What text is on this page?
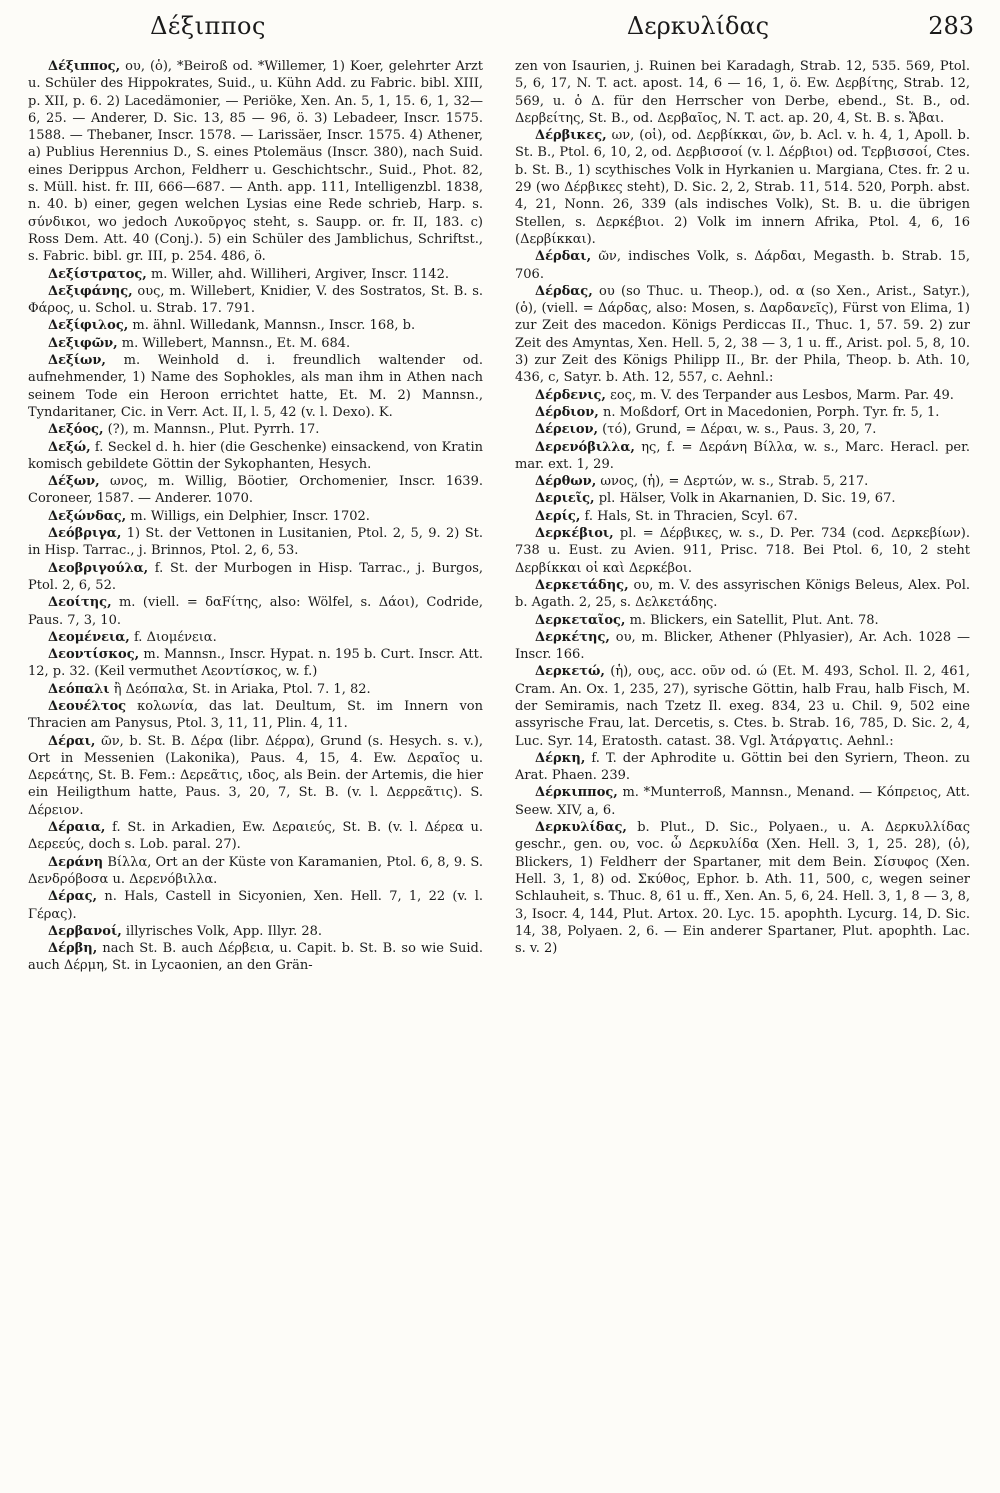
Δέξιππος	Δερκυλίδας	283

Δέξιππος, ου, (ὁ), *Beiroß od. *Willemer, 1) Koer, gelehrter Arzt u. Schüler des Hippokrates, Suid., u. Kühn Add. zu Fabric. bibl. XIII, p. XII, p. 6. 2) Lacedämonier, — Periöke, Xen. An. 5, 1, 15. 6, 1, 32— 6, 25. — Anderer, D. Sic. 13, 85 — 96, ö. 3) Lebadeer, Inscr. 1575. 1588. — Thebaner, Inscr. 1578. — Larissäer, Inscr. 1575. 4) Athener, a) Publius Herennius D., S. eines Ptolemäus (Inscr. 380), nach Suid. eines Derippus Archon, Feldherr u. Geschichtschr., Suid., Phot. 82, s. Müll. hist. fr. III, 666—687. — Anth. app. 111, Intelligenzbl. 1838, n. 40. b) einer, gegen welchen Lysias eine Rede schrieb, Harp. s. σύνδικοι, wo jedoch Λυκοῦργος steht, s. Saupp. or. fr. II, 183. c) Ross Dem. Att. 40 (Conj.). 5) ein Schüler des Jamblichus, Schriftst., s. Fabric. bibl. gr. III, p. 254. 486, ö.

Δεξίστρατος, m. Willer, ahd. Williheri, Argiver, Inscr. 1142.

Δεξιφάνης, ους, m. Willebert, Knidier, V. des Sostratos, St. B. s. Φάρος, u. Schol. u. Strab. 17. 791.

Δεξίφιλος, m. ähnl. Willedank, Mannsn., Inscr. 168, b.

Δεξιφῶν, m. Willebert, Mannsn., Et. M. 684.

Δεξίων, m. Weinhold d. i. freundlich waltender od. aufnehmender, 1) Name des Sophokles, als man ihm in Athen nach seinem Tode ein Heroon errichtet hatte, Et. M. 2) Mannsn., Tyndaritaner, Cic. in Verr. Act. II, l. 5, 42 (v. l. Dexo). K.

Δεξόος, (?), m. Mannsn., Plut. Pyrrh. 17.

Δεξώ, f. Seckel d. h. hier (die Geschenke) einsackend, von Kratin komisch gebildete Göttin der Sykophanten, Hesych.

Δέξων, ωνος, m. Willig, Böotier, Orchomenier, Inscr. 1639. Coroneer, 1587. — Anderer. 1070.

Δεξώνδας, m. Willigs, ein Delphier, Inscr. 1702.

Δεόβριγα, 1) St. der Vettonen in Lusitanien, Ptol. 2, 5, 9. 2) St. in Hisp. Tarrac., j. Brinnos, Ptol. 2, 6, 53.

Δεοβριγούλα, f. St. der Murbogen in Hisp. Tarrac., j. Burgos, Ptol. 2, 6, 52.

Δεοίτης, m. (viell. = δαFίτης, also: Wölfel, s. Δάοι), Codride, Paus. 7, 3, 10.

Δεομένεια, f. Διομένεια.

Δεοντίσκος, m. Mannsn., Inscr. Hypat. n. 195 b. Curt. Inscr. Att. 12, p. 32. (Keil vermuthet Λεοντίσκος, w. f.)

Δεόπαλι ἢ Δεόπαλα, St. in Ariaka, Ptol. 7. 1, 82.

Δεουέλτος κολωνία, das lat. Deultum, St. im Innern von Thracien am Panysus, Ptol. 3, 11, 11, Plin. 4, 11.

Δέραι, ῶν, b. St. B. Δέρα (libr. Δέρρα), Grund (s. Hesych. s. v.), Ort in Messenien (Lakonika), Paus. 4, 15, 4. Ew. Δεραῖος u. Δερεάτης, St. B. Fem.: Δερεᾶτις, ιδος, als Bein. der Artemis, die hier ein Heiligthum hatte, Paus. 3, 20, 7, St. B. (v. l. Δερρεᾶτις). S. Δέρειον.

Δέραια, f. St. in Arkadien, Ew. Δεραιεύς, St. B. (v. l. Δέρεα u. Δερεεύς, doch s. Lob. paral. 27).

Δεράνη Βίλλα, Ort an der Küste von Karamanien, Ptol. 6, 8, 9. S. Δενδρόβοσα u. Δερενόβιλλα.

Δέρας, n. Hals, Castell in Sicyonien, Xen. Hell. 7, 1, 22 (v. l. Γέρας).

Δερβανοί, illyrisches Volk, App. Illyr. 28.

Δέρβη, nach St. B. auch Δέρβεια, u. Capit. b. St. B. so wie Suid. auch Δέρμη, St. in Lycaonien, an den Grän-

zen von Isaurien, j. Ruinen bei Karadagh, Strab. 12, 535. 569, Ptol. 5, 6, 17, N. T. act. apost. 14, 6 — 16, 1, ö. Ew. Δερβίτης, Strab. 12, 569, u. ὁ Δ. für den Herrscher von Derbe, ebend., St. B., od. Δερβείτης, St. B., od. Δερβαῖος, N. T. act. ap. 20, 4, St. B. s. Ἄβαι.

Δέρβικες, ων, (οἱ), od. Δερβίκκαι, ῶν, b. Acl. v. h. 4, 1, Apoll. b. St. B., Ptol. 6, 10, 2, od. Δερβισσοί (v. l. Δέρβιοι) od. Τερβισσοί, Ctes. b. St. B., 1) scythisches Volk in Hyrkanien u. Margiana, Ctes. fr. 2 u. 29 (wo Δέρβικες steht), D. Sic. 2, 2, Strab. 11, 514. 520, Porph. abst. 4, 21, Nonn. 26, 339 (als indisches Volk), St. B. u. die übrigen Stellen, s. Δερκέβιοι. 2) Volk im innern Afrika, Ptol. 4, 6, 16 (Δερβίκκαι).

Δέρδαι, ῶν, indisches Volk, s. Δάρδαι, Megasth. b. Strab. 15, 706.

Δέρδας, ου (so Thuc. u. Theop.), od. α (so Xen., Arist., Satyr.), (ὁ), (viell. = Δάρδας, also: Mosen, s. Δαρδανεῖς), Fürst von Elima, 1) zur Zeit des macedon. Königs Perdiccas II., Thuc. 1, 57. 59. 2) zur Zeit des Amyntas, Xen. Hell. 5, 2, 38 — 3, 1 u. ff., Arist. pol. 5, 8, 10. 3) zur Zeit des Königs Philipp II., Br. der Phila, Theop. b. Ath. 10, 436, c, Satyr. b. Ath. 12, 557, c. Aehnl.:

Δέρδενις, εος, m. V. des Terpander aus Lesbos, Marm. Par. 49.

Δέρδιον, n. Moßdorf, Ort in Macedonien, Porph. Tyr. fr. 5, 1.

Δέρειον, (τό), Grund, = Δέραι, w. s., Paus. 3, 20, 7.

Δερενόβιλλα, ης, f. = Δεράνη Βίλλα, w. s., Marc. Heracl. per. mar. ext. 1, 29.

Δέρθων, ωνος, (ἡ), = Δερτών, w. s., Strab. 5, 217.

Δεριεῖς, pl. Hälser, Volk in Akarnanien, D. Sic. 19, 67.

Δερίς, f. Hals, St. in Thracien, Scyl. 67.

Δερκέβιοι, pl. = Δέρβικες, w. s., D. Per. 734 (cod. Δερκεβίων). 738 u. Eust. zu Avien. 911, Prisc. 718. Bei Ptol. 6, 10, 2 steht Δερβίκκαι οἱ καὶ Δερκέβοι.

Δερκετάδης, ου, m. V. des assyrischen Königs Beleus, Alex. Pol. b. Agath. 2, 25, s. Δελκετάδης.

Δερκεταῖος, m. Blickers, ein Satellit, Plut. Ant. 78.

Δερκέτης, ου, m. Blicker, Athener (Phlyasier), Ar. Ach. 1028 — Inscr. 166.

Δερκετώ, (ἡ), ους, acc. οῦν od. ώ (Et. M. 493, Schol. Il. 2, 461, Cram. An. Ox. 1, 235, 27), syrische Göttin, halb Frau, halb Fisch, M. der Semiramis, nach Tzetz Il. exeg. 834, 23 u. Chil. 9, 502 eine assyrische Frau, lat. Dercetis, s. Ctes. b. Strab. 16, 785, D. Sic. 2, 4, Luc. Syr. 14, Eratosth. catast. 38. Vgl. Ἀτάργατις. Aehnl.:

Δέρκη, f. T. der Aphrodite u. Göttin bei den Syriern, Theon. zu Arat. Phaen. 239.

Δέρκιππος, m. *Munterroß, Mannsn., Menand. — Κόπρειος, Att. Seew. XIV, a, 6.

Δερκυλίδας, b. Plut., D. Sic., Polyaen., u. A. Δερκυλλίδας geschr., gen. ου, voc. ὦ Δερκυλίδα (Xen. Hell. 3, 1, 25. 28), (ὁ), Blickers, 1) Feldherr der Spartaner, mit dem Bein. Σίσυφος (Xen. Hell. 3, 1, 8) od. Σκύθος, Ephor. b. Ath. 11, 500, c, wegen seiner Schlauheit, s. Thuc. 8, 61 u. ff., Xen. An. 5, 6, 24. Hell. 3, 1, 8 — 3, 8, 3, Isocr. 4, 144, Plut. Artox. 20. Lyc. 15. apophth. Lycurg. 14, D. Sic. 14, 38, Polyaen. 2, 6. — Ein anderer Spartaner, Plut. apophth. Lac. s. v. 2)
